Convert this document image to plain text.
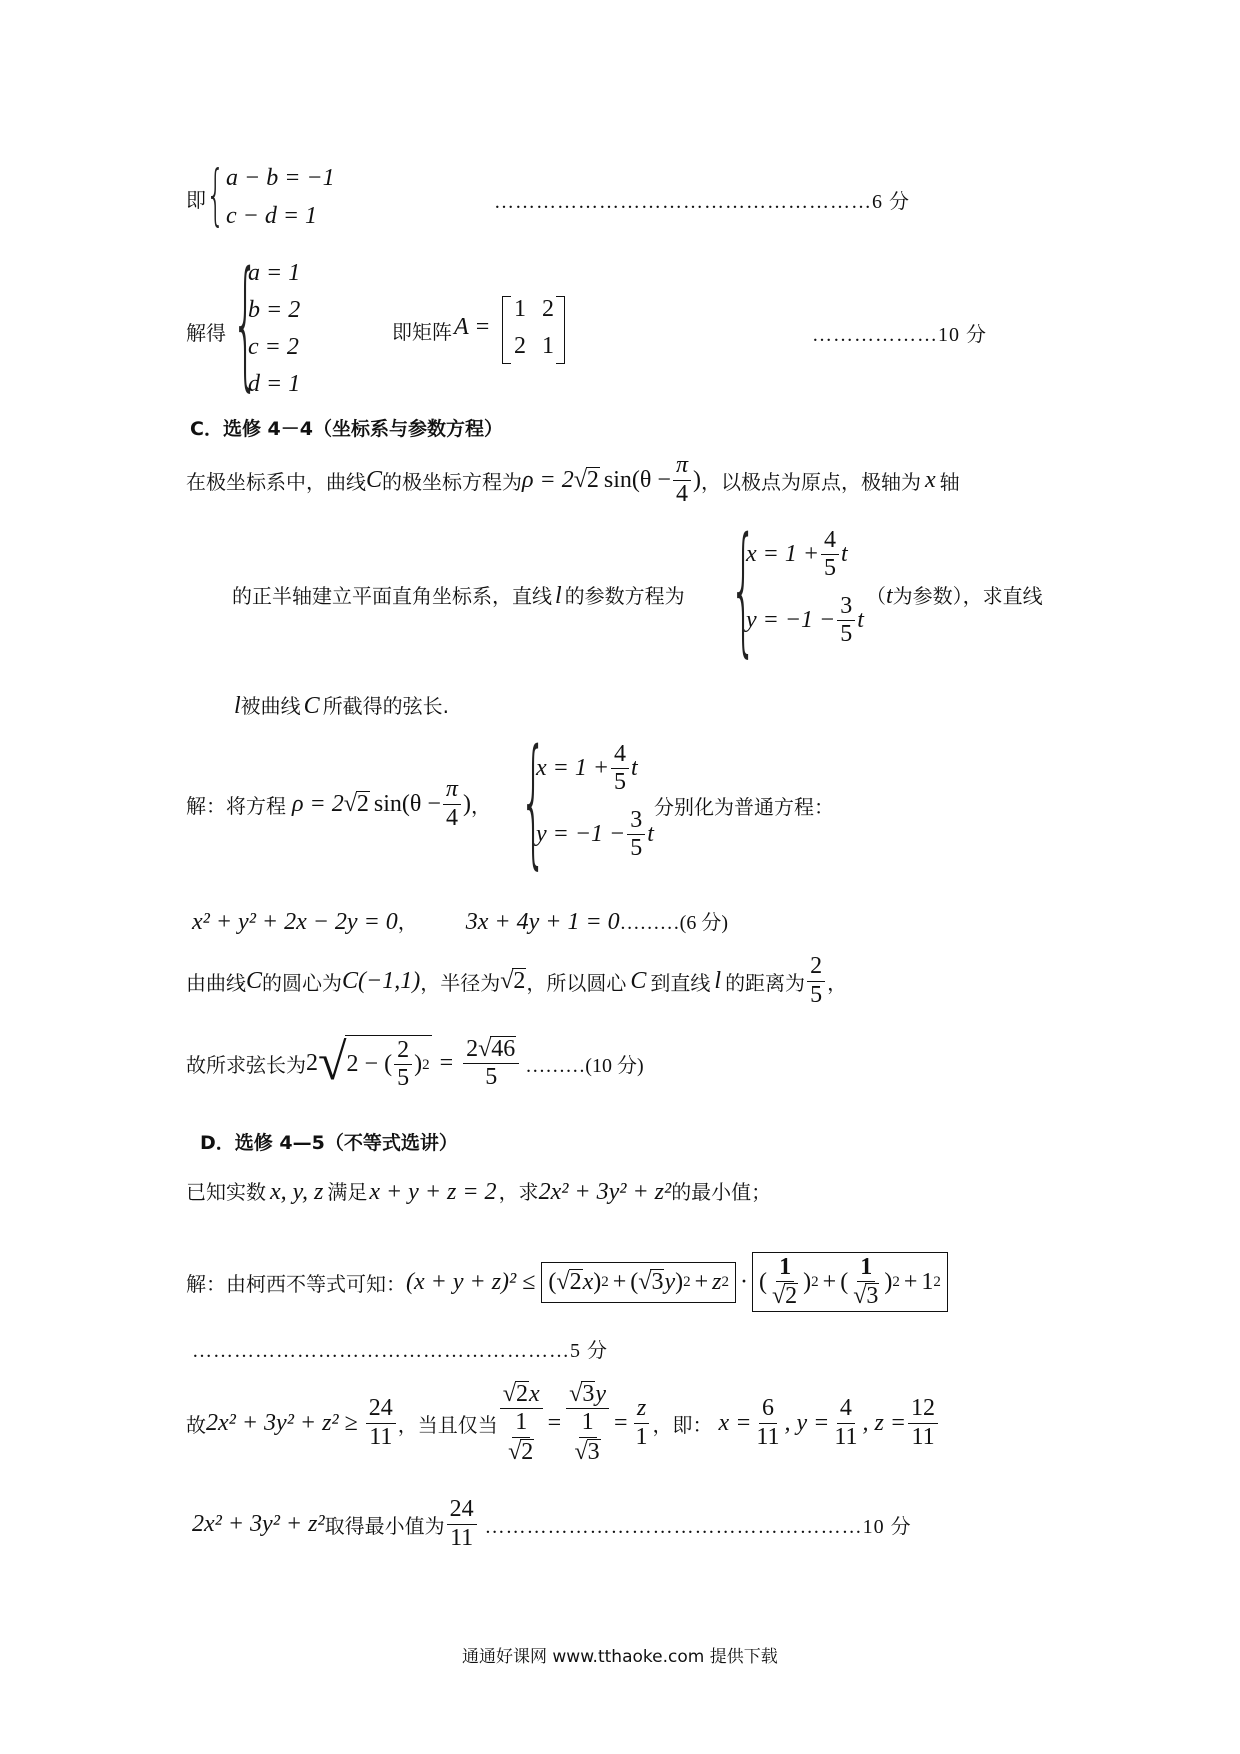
即 { a − b = −1
c − d = 1
………………………………………………6 分
解得 {
a = 1
b = 2
c = 2
d = 1
即矩阵 A =
1 2
2 1	………………10 分
C．选修 4－4（坐标系与参数方程）
在极坐标系中，曲线 C 的极坐标方程为 ρ = 2 √ 2 $\sin(\theta - \frac{\pi}{4}$ ) ，以极点为原点，极轴为 x 轴
的正半轴建立平面直角坐标系，直线 l 的参数方程为 {
$x = 1 + \frac{4}{5}$ t
$y = -1 - \frac{3}{5}$ t
（t为参数），求直线
l被曲线 C 所截得的弦长.
解：将方程 ρ = 2 √ 2 $\sin(\theta - \frac{\pi}{4}$ ) ， {
$x = 1 + \frac{4}{5}$ t
$y = -1 - \frac{3}{5}$ t
分别化为普通方程：
x² + y² + 2x − 2y = 0 ， 3x + 4y + 1 = 0 ………(6 分)
由曲线 C 的圆心为 C(−1,1) ，半径为 √ 2 ，所以圆心 C 到直线 l 的距离为 $\frac{2}{5}$ ，
故所求弦长为 2 √ 2 − ( $\frac{2}{5}$ ) $2 = \frac{2√46}{5}$ ………(10 分)
D．选修 4—5（不等式选讲）
已知实数 x, y, z 满足 x + y + z = 2 ，求 2x² + 3y² + z² 的最小值；
解：由柯西不等式可知： (x + y + z)² ≤ ( √ 2 x ) 2 + ( √ 3 y ) 2 + z 2 · ( $\frac{1}{√2}$ ) 2 + ( $\frac{1}{√3}$ ) 2 + 1 2
………………………………………………5 分
故 $2x^2 + 3y^2 + z^2 \ge \frac{24}{11}$ ，当且仅当 $\frac{√2x}{\frac{1}{√2}} = \frac{√3y}{\frac{1}{√3}} = \frac{z}{1}$ ，即： $x = \frac{6}{11}$ , $y = \frac{4}{11}$ , $z = \frac{12}{11}$
2x² + 3y² + z² 取得最小值为 $\frac{24}{11}$ ………………………………………………10 分
通通好课网 www.tthaoke.com 提供下载
